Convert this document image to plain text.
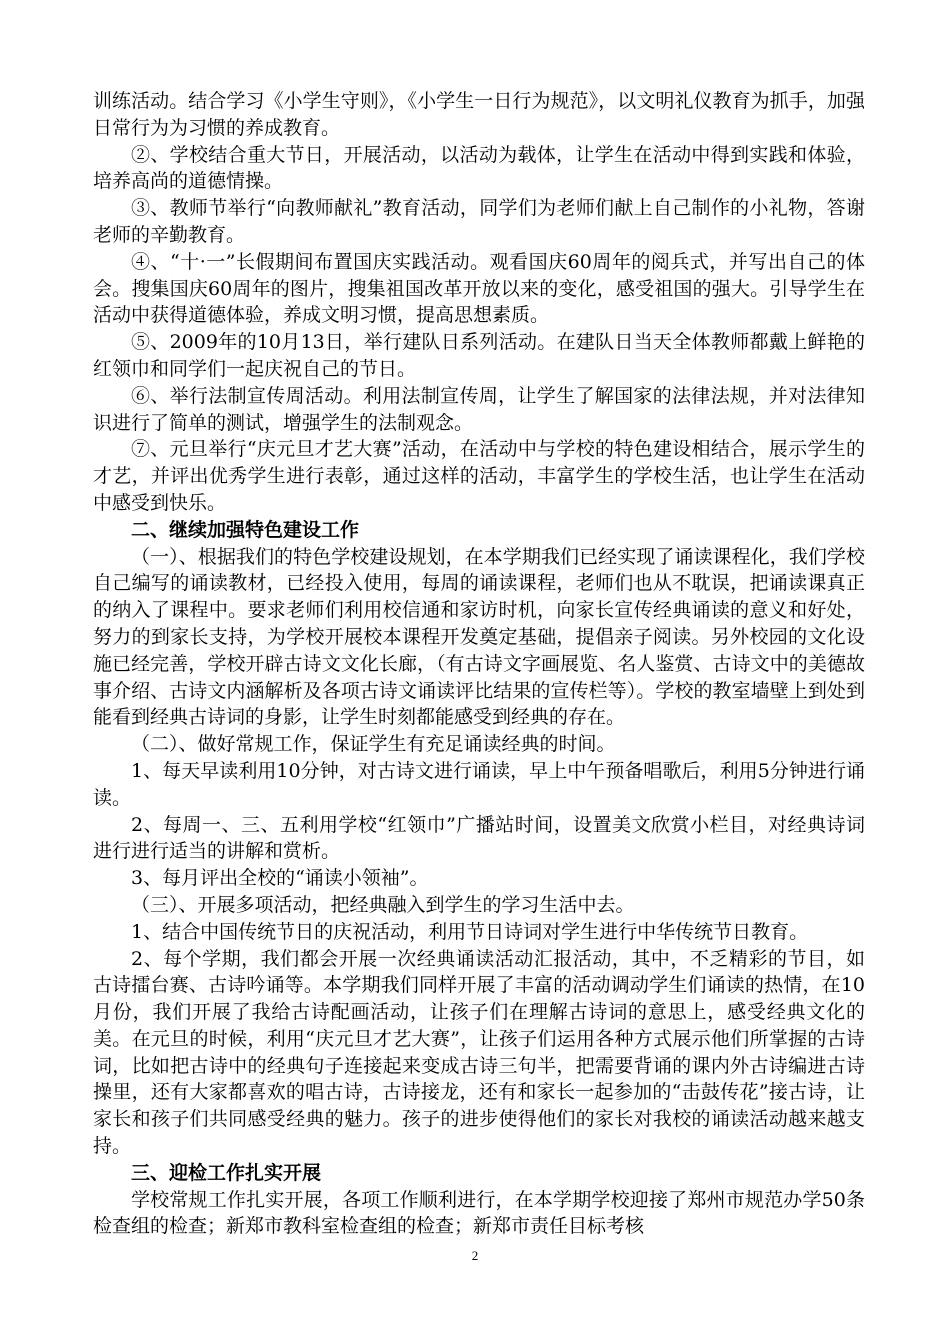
训练活动。结合学习《小学生守则》，《小学生一日行为规范》，以文明礼仪教育为抓手，加强日常行为为习惯的养成教育。

②、学校结合重大节日，开展活动，以活动为载体，让学生在活动中得到实践和体验，培养高尚的道德情操。

③、教师节举行“向教师献礼”教育活动，同学们为老师们献上自己制作的小礼物，答谢老师的辛勤教育。

④、“十·一”长假期间布置国庆实践活动。观看国庆60周年的阅兵式，并写出自己的体会。搜集国庆60周年的图片，搜集祖国改革开放以来的变化，感受祖国的强大。引导学生在活动中获得道德体验，养成文明习惯，提高思想素质。

⑤、2009年的10月13日，举行建队日系列活动。在建队日当天全体教师都戴上鲜艳的红领巾和同学们一起庆祝自己的节日。

⑥、举行法制宣传周活动。利用法制宣传周，让学生了解国家的法律法规，并对法律知识进行了简单的测试，增强学生的法制观念。

⑦、元旦举行“庆元旦才艺大赛”活动，在活动中与学校的特色建设相结合，展示学生的才艺，并评出优秀学生进行表彰，通过这样的活动，丰富学生的学校生活，也让学生在活动中感受到快乐。

二、继续加强特色建设工作

（一）、根据我们的特色学校建设规划，在本学期我们已经实现了诵读课程化，我们学校自己编写的诵读教材，已经投入使用，每周的诵读课程，老师们也从不耽误，把诵读课真正的纳入了课程中。要求老师们利用校信通和家访时机，向家长宣传经典诵读的意义和好处，努力的到家长支持，为学校开展校本课程开发奠定基础，提倡亲子阅读。另外校园的文化设施已经完善，学校开辟古诗文文化长廊，（有古诗文字画展览、名人鉴赏、古诗文中的美德故事介绍、古诗文内涵解析及各项古诗文诵读评比结果的宣传栏等）。学校的教室墙壁上到处到能看到经典古诗词的身影，让学生时刻都能感受到经典的存在。

（二）、做好常规工作，保证学生有充足诵读经典的时间。

1、每天早读利用10分钟，对古诗文进行诵读，早上中午预备唱歌后，利用5分钟进行诵读。

2、每周一、三、五利用学校“红领巾”广播站时间，设置美文欣赏小栏目，对经典诗词进行进行适当的讲解和赏析。

3、每月评出全校的“诵读小领袖”。

（三）、开展多项活动，把经典融入到学生的学习生活中去。

1、结合中国传统节日的庆祝活动，利用节日诗词对学生进行中华传统节日教育。

2、每个学期，我们都会开展一次经典诵读活动汇报活动，其中，不乏精彩的节目，如古诗擂台赛、古诗吟诵等。本学期我们同样开展了丰富的活动调动学生们诵读的热情，在10月份，我们开展了我给古诗配画活动，让孩子们在理解古诗词的意思上，感受经典文化的美。在元旦的时候，利用“庆元旦才艺大赛”，让孩子们运用各种方式展示他们所掌握的古诗词，比如把古诗中的经典句子连接起来变成古诗三句半，把需要背诵的课内外古诗编进古诗操里，还有大家都喜欢的唱古诗，古诗接龙，还有和家长一起参加的“击鼓传花”接古诗，让家长和孩子们共同感受经典的魅力。孩子的进步使得他们的家长对我校的诵读活动越来越支持。

三、迎检工作扎实开展

学校常规工作扎实开展，各项工作顺利进行，在本学期学校迎接了郑州市规范办学50条检查组的检查；新郑市教科室检查组的检查；新郑市责任目标考核

2
